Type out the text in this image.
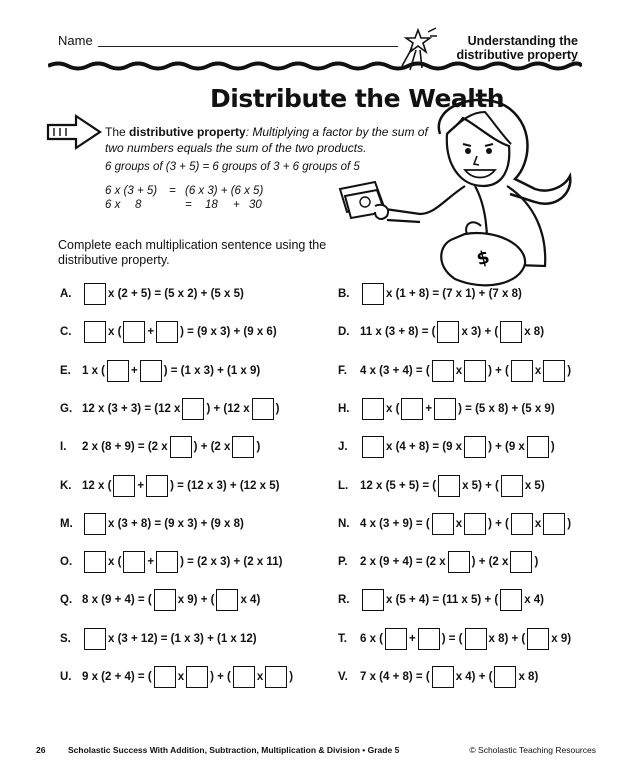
Name	Understanding the
distributive property
Distribute the Wealth
The distributive property: Multiplying a factor by the sum of two numbers equals the sum of the two products.
6 groups of (3 + 5) = 6 groups of 3 + 6 groups of 5
6 x (3 + 5) = (6 x 3) + (6 x 5)
6 x 8	= 18 + 30
$
Complete each multiplication sentence using the distributive property.
A.	x (2 + 5) = (5 x 2) + (5 x 5)	B.	x (1 + 8) = (7 x 1) + (7 x 8)
C.	x ( + ) = (9 x 3) + (9 x 6)	D. 11 x (3 + 8) = ( x 3) + ( x 8)
E. 1 x ( + ) = (1 x 3) + (1 x 9)	F.	4 x (3 + 4) = ( x ) + ( x )
G. 12 x (3 + 3) = (12 x ) + (12 x )	H.	x ( + ) = (5 x 8) + (5 x 9)
I.	2 x (8 + 9) = (2 x ) + (2 x )	J.	x (4 + 8) = (9 x ) + (9 x )
K. 12 x ( + ) = (12 x 3) + (12 x 5)	L.	12 x (5 + 5) = ( x 5) + ( x 5)
M.	x (3 + 8) = (9 x 3) + (9 x 8)	N. 4 x (3 + 9) = ( x ) + ( x )
O.	x ( + ) = (2 x 3) + (2 x 11)	P.	2 x (9 + 4) = (2 x ) + (2 x )
Q. 8 x (9 + 4) = ( x 9) + ( x 4)	R.	x (5 + 4) = (11 x 5) + ( x 4)
S.	x (3 + 12) = (1 x 3) + (1 x 12)	T.	6 x ( + ) = ( x 8) + ( x 9)
U. 9 x (2 + 4) = ( x ) + ( x )	V.	7 x (4 + 8) = ( x 4) + ( x 8)
26	Scholastic Success With Addition, Subtraction, Multiplication & Division • Grade 5	© Scholastic Teaching Resources
